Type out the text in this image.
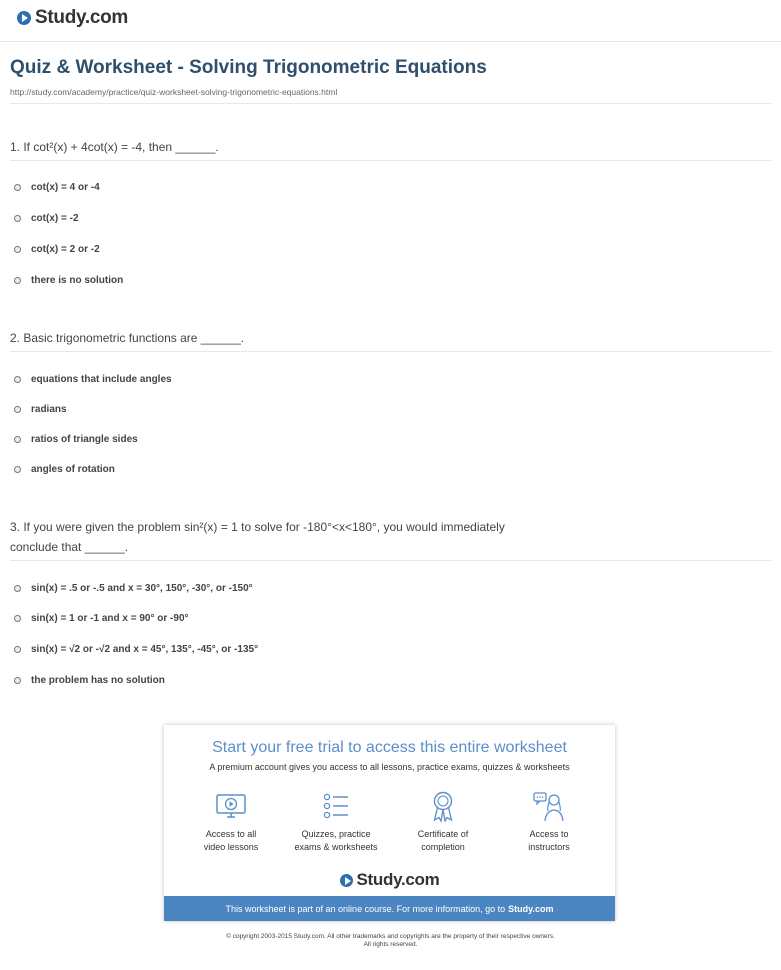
Study.com
Quiz & Worksheet - Solving Trigonometric Equations
http://study.com/academy/practice/quiz-worksheet-solving-trigonometric-equations.html
1. If cot²(x) + 4cot(x) = -4, then ______.
cot(x) = 4 or -4
cot(x) = -2
cot(x) = 2 or -2
there is no solution
2. Basic trigonometric functions are ______.
equations that include angles
radians
ratios of triangle sides
angles of rotation
3. If you were given the problem sin²(x) = 1 to solve for -180°<x<180°, you would immediately
conclude that ______.
sin(x) = .5 or -.5 and x = 30°, 150°, -30°, or -150°
sin(x) = 1 or -1 and x = 90° or -90°
sin(x) = √2 or -√2 and x = 45°, 135°, -45°, or -135°
the problem has no solution
Start your free trial to access this entire worksheet
A premium account gives you access to all lessons, practice exams, quizzes & worksheets
Access to all
video lessons
Quizzes, practice
exams & worksheets
Certificate of
completion
Access to
instructors
Study.com
This worksheet is part of an online course. For more information, go to Study.com
© copyright 2003-2015 Study.com. All other trademarks and copyrights are the property of their respective owners.
All rights reserved.
